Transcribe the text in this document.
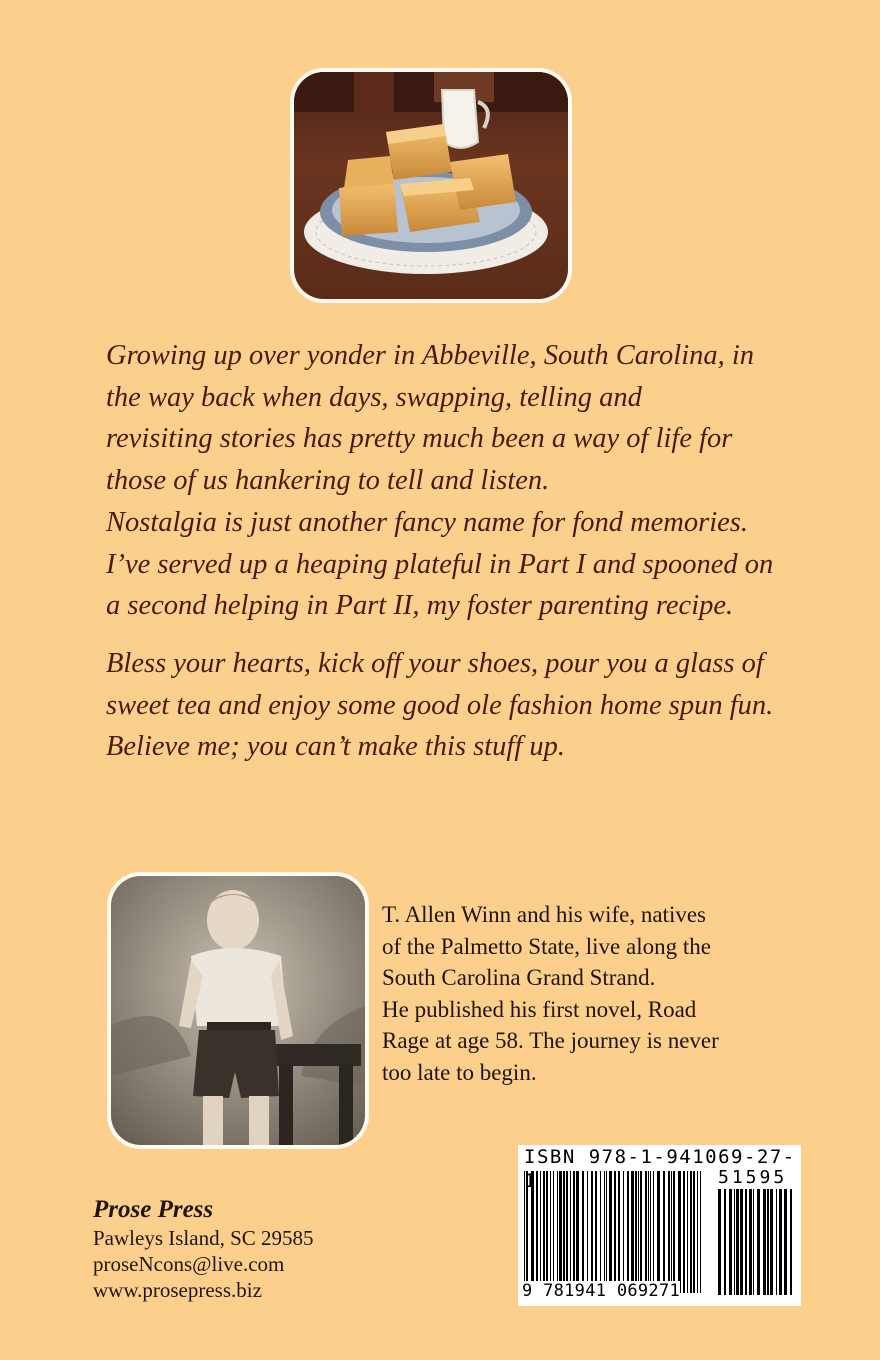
Growing up over yonder in Abbeville, South Carolina, in

the way back when days, swapping, telling and

revisiting stories has pretty much been a way of life for

those of us hankering to tell and listen.

Nostalgia is just another fancy name for fond memories.

I’ve served up a heaping plateful in Part I and spooned on

a second helping in Part II, my foster parenting recipe.

Bless your hearts, kick off your shoes, pour you a glass of

sweet tea and enjoy some good ole fashion home spun fun.

Believe me; you can’t make this stuff up.

T. Allen Winn and his wife, natives
of the Palmetto State, live along the
South Carolina Grand Strand.
He published his first novel, Road
Rage at age 58. The journey is never
too late to begin.
Prose Press
Pawleys Island, SC 29585
proseNcons@live.com
www.prosepress.biz
ISBN 978-1-941069-27-1	51595
9 781941 069271
